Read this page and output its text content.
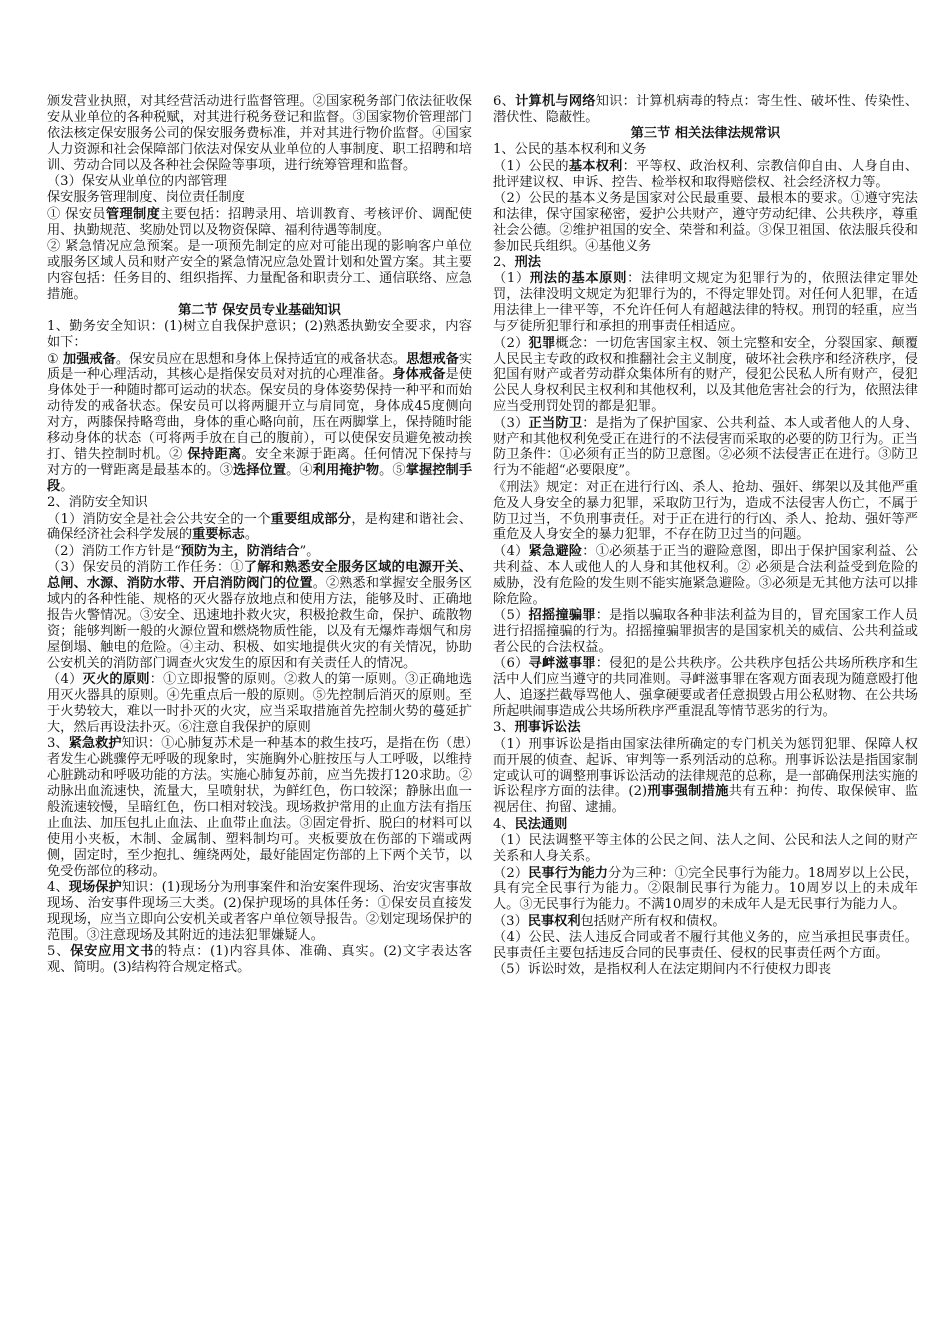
颁发营业执照，对其经营活动进行监督管理。②国家税务部门依法征收保安从业单位的各种税赋，对其进行税务登记和监督。③国家物价管理部门依法核定保安服务公司的保安服务费标准，并对其进行物价监督。④国家人力资源和社会保障部门依法对保安从业单位的人事制度、职工招聘和培训、劳动合同以及各种社会保险等事项，进行统筹管理和监督。
（3）保安从业单位的内部管理
保安服务管理制度、岗位责任制度
① 保安员管理制度主要包括：招聘录用、培训教育、考核评价、调配使用、执勤规范、奖励处罚以及物资保障、福利待遇等制度。
② 紧急情况应急预案。是一项预先制定的应对可能出现的影响客户单位或服务区域人员和财产安全的紧急情况应急处置计划和处置方案。其主要内容包括：任务目的、组织指挥、力量配备和职责分工、通信联络、应急措施。
第二节 保安员专业基础知识
1、勤务安全知识：(1)树立自我保护意识；(2)熟悉执勤安全要求，内容如下：
① 加强戒备。保安员应在思想和身体上保持适宜的戒备状态。思想戒备实质是一种心理活动，其核心是指保安员对对抗的心理准备。身体戒备是使身体处于一种随时都可运动的状态。保安员的身体姿势保持一种平和而始动待发的戒备状态。保安员可以将两腿开立与肩同宽，身体成45度侧向对方，两膝保持略弯曲，身体的重心略向前，压在两脚掌上，保持随时能移动身体的状态（可将两手放在自己的腹前），可以使保安员避免被动挨打、错失控制时机。② 保持距离。安全来源于距离。任何情况下保持与对方的一臂距离是最基本的。③选择位置。④利用掩护物。⑤掌握控制手段。
2、消防安全知识
（1）消防安全是社会公共安全的一个重要组成部分，是构建和谐社会、确保经济社会科学发展的重要标志。
（2）消防工作方针是“预防为主，防消结合”。
（3）保安员的消防工作任务：①了解和熟悉安全服务区域的电源开关、总闸、水源、消防水带、开启消防阀门的位置。②熟悉和掌握安全服务区域内的各种性能、规格的灭火器存放地点和使用方法，能够及时、正确地报告火警情况。③安全、迅速地扑救火灾，积极抢救生命，保护、疏散物资；能够判断一般的火源位置和燃烧物质性能，以及有无爆炸毒烟气和房屋倒塌、触电的危险。④主动、积极、如实地提供火灾的有关情况，协助公安机关的消防部门调查火灾发生的原因和有关责任人的情况。
（4）灭火的原则：①立即报警的原则。②救人的第一原则。③正确地选用灭火器具的原则。④先重点后一般的原则。⑤先控制后消灭的原则。至于火势较大，难以一时扑灭的火灾，应当采取措施首先控制火势的蔓延扩大，然后再设法扑灭。⑥注意自我保护的原则
3、紧急救护知识：①心肺复苏术是一种基本的救生技巧，是指在伤（患）者发生心跳骤停无呼吸的现象时，实施胸外心脏按压与人工呼吸，以维持心脏跳动和呼吸功能的方法。实施心肺复苏前，应当先拨打120求助。②动脉出血流速快，流量大，呈喷射状，为鲜红色，伤口较深；静脉出血一般流速较慢，呈暗红色，伤口相对较浅。现场救护常用的止血方法有指压止血法、加压包扎止血法、止血带止血法。③固定骨折、脱臼的材料可以使用小夹板，木制、金属制、塑料制均可。夹板要放在伤部的下端或两侧，固定时，至少抱扎、缠绕两处，最好能固定伤部的上下两个关节，以免受伤部位的移动。
4、现场保护知识：(1)现场分为刑事案件和治安案件现场、治安灾害事故现场、治安事件现场三大类。(2)保护现场的具体任务：①保安员直接发现现场，应当立即向公安机关或者客户单位领导报告。②划定现场保护的范围。③注意现场及其附近的违法犯罪嫌疑人。
5、保安应用文书的特点：(1)内容具体、准确、真实。(2)文字表达客观、简明。(3)结构符合规定格式。
6、计算机与网络知识：计算机病毒的特点：寄生性、破坏性、传染性、潜伏性、隐蔽性。
第三节 相关法律法规常识
1、公民的基本权利和义务
（1）公民的基本权利：平等权、政治权利、宗教信仰自由、人身自由、批评建议权、申诉、控告、检举权和取得赔偿权、社会经济权力等。
（2）公民的基本义务是国家对公民最重要、最根本的要求。①遵守宪法和法律，保守国家秘密，爱护公共财产，遵守劳动纪律、公共秩序，尊重社会公德。②维护祖国的安全、荣誉和利益。③保卫祖国、依法服兵役和参加民兵组织。④基他义务
2、刑法
（1）刑法的基本原则：法律明文规定为犯罪行为的，依照法律定罪处罚，法律没明文规定为犯罪行为的，不得定罪处罚。对任何人犯罪，在适用法律上一律平等，不允许任何人有超越法律的特权。刑罚的轻重，应当与歹徒所犯罪行和承担的刑事责任相适应。
（2）犯罪概念：一切危害国家主权、领土完整和安全，分裂国家、颠覆人民民主专政的政权和推翻社会主义制度，破坏社会秩序和经济秩序，侵犯国有财产或者劳动群众集体所有的财产，侵犯公民私人所有财产，侵犯公民人身权利民主权利和其他权利，以及其他危害社会的行为，依照法律应当受刑罚处罚的都是犯罪。
（3）正当防卫：是指为了保护国家、公共利益、本人或者他人的人身、财产和其他权利免受正在进行的不法侵害而采取的必要的防卫行为。正当防卫条件：①必须有正当的防卫意图。②必须不法侵害正在进行。③防卫行为不能超“必要限度”。
《刑法》规定：对正在进行行凶、杀人、抢劫、强奸、绑架以及其他严重危及人身安全的暴力犯罪，采取防卫行为，造成不法侵害人伤亡，不属于防卫过当，不负刑事责任。对于正在进行的行凶、杀人、抢劫、强奸等严重危及人身安全的暴力犯罪，不存在防卫过当的问题。
（4）紧急避险：①必须基于正当的避险意图，即出于保护国家利益、公共利益、本人或他人的人身和其他权利。② 必须是合法利益受到危险的威胁，没有危险的发生则不能实施紧急避险。③必须是无其他方法可以排除危险。
（5）招摇撞骗罪：是指以骗取各种非法利益为目的，冒充国家工作人员进行招摇撞骗的行为。招摇撞骗罪损害的是国家机关的威信、公共利益或者公民的合法权益。
（6）寻衅滋事罪：侵犯的是公共秩序。公共秩序包括公共场所秩序和生活中人们应当遵守的共同准则。寻衅滋事罪在客观方面表现为随意殴打他人、追逐拦截辱骂他人、强拿硬要或者任意损毁占用公私财物、在公共场所起哄闹事造成公共场所秩序严重混乱等情节恶劣的行为。
3、刑事诉讼法
（1）刑事诉讼是指由国家法律所确定的专门机关为惩罚犯罪、保障人权而开展的侦查、起诉、审判等一系列活动的总称。刑事诉讼法是指国家制定或认可的调整刑事诉讼活动的法律规范的总称，是一部确保刑法实施的诉讼程序方面的法律。(2)刑事强制措施共有五种：拘传、取保候审、监视居住、拘留、逮捕。
4、民法通则
（1）民法调整平等主体的公民之间、法人之间、公民和法人之间的财产关系和人身关系。
（2）民事行为能力分为三种：①完全民事行为能力。18周岁以上公民，具有完全民事行为能力。②限制民事行为能力。10周岁以上的未成年人。③无民事行为能力。不满10周岁的未成年人是无民事行为能力人。
（3）民事权利包括财产所有权和债权。
（4）公民、法人违反合同或者不履行其他义务的，应当承担民事责任。民事责任主要包括违反合同的民事责任、侵权的民事责任两个方面。
（5）诉讼时效，是指权利人在法定期间内不行使权力即丧
